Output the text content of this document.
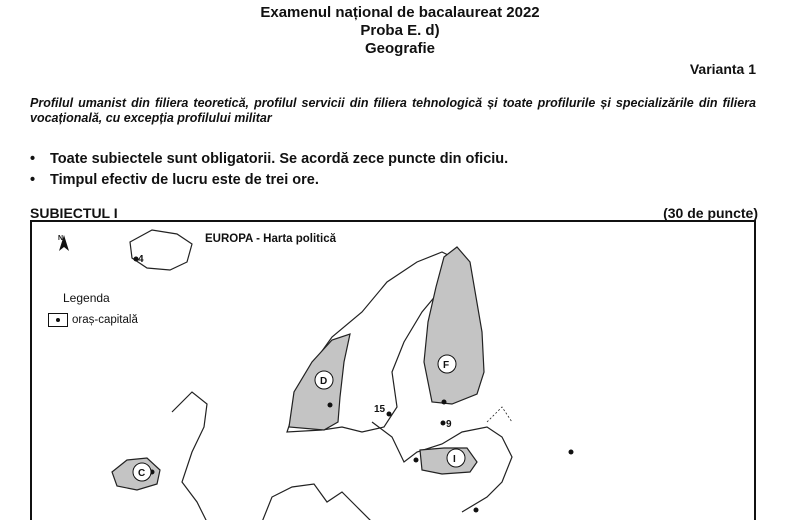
Examenul național de bacalaureat 2022
Proba E. d)
Geografie
Varianta 1
Profilul umanist din filiera teoretică, profilul servicii din filiera tehnologică și toate profilurile și specializările din filiera vocațională, cu excepția profilului militar
• Toate subiectele sunt obligatorii. Se acordă zece puncte din oficiu.
• Timpul efectiv de lucru este de trei ore.
SUBIECTUL I	(30 de puncte)
4
D
F
15
9
I
C
N	EUROPA - Harta politică
Legenda
oraș-capitală
